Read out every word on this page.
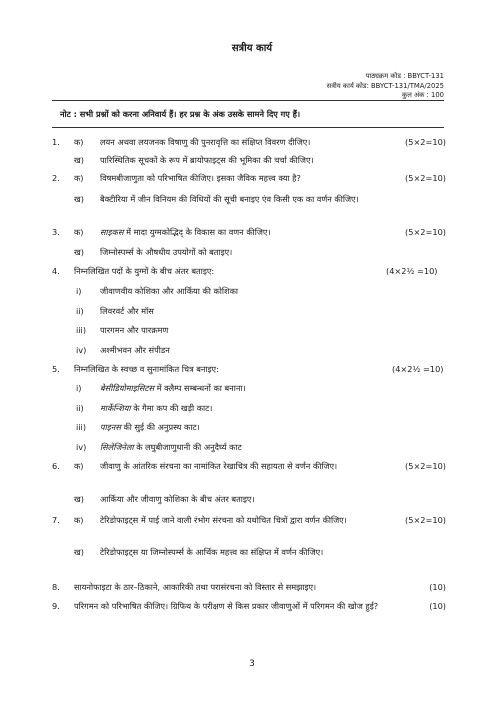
सत्रीय कार्य
पाठ्यक्रम कोड : BBYCT-131
सत्रीय कार्य कोड: BBYCT-131/TMA/2025
कुल अंक : 100
नोट : सभी प्रश्नों को करना अनिवार्य हैं। हर प्रश्न के अंक उसके सामने दिए गए हैं।
1. क) लयन अथवा लयजनक विषाणु की पुनरावृत्ति का संक्षिप्त विवरण दीजिए।	(5×2=10)
ख) पारिस्थितिक सूचकों के रूप में ब्रायोफाइट्स की भूमिका की चर्चा कीजिए।
2. क) विषमबीजाणुता को परिभाषित कीजिए। इसका जैविक महत्त्व क्या है?	(5×2=10)
ख) बैक्टीरिया में जीन विनियम की विधियों की सूची बनाइए एंव किसी एक का वर्णन कीजिए।
3. क) साइकस में मादा युग्मकोद्भिद् के विकास का वणन कीजिए।	(5×2=10)
ख) जिम्नोस्पर्म्स के औषधीय उपयोगों को बताइए।
4. निम्नलिखित पदों के युग्मों के बीच अंतर बताइए:	(4×2½ =10)
i) जीवाणवीय कोशिका और आर्किया की कोशिका
ii) लिवरवर्ट और मॉस
iii) पारगमन और पारक्रमण
iv) अश्मीभवन और संपीडन
5. निम्नलिखित के स्वच्छ व सुनामांकित चित्र बनाइए:	(4×2½ =10)
i) बेसीडियोमाइसिटस में क्लैम्प सम्बन्धनों का बनाना।
ii) मार्केन्शिया के गैमा कप की खड़ी काट।
iii) पाइनस की सुई की अनुप्रस्थ काट।
iv) सिलेजिनेला के लघुबीजाणुधानी की अनुदैर्घ्य काट
6. क) जीवाणु के आंतरिक संरचना का नामांकित रेखाचित्र की सहायता से वर्णन कीजिए।	(5×2=10)
ख) आर्किया और जीवाणु कोशिका के बीच अंतर बताइए।
7. क) टेरिडोफाइट्स में पाई जाने वाली रंभोग संरचना को यथोचित चित्रों द्वारा वर्णन कीजिए।	(5×2=10)
ख) टेरिडोफाइट्स या जिम्नोस्पर्म्स के आर्थिक महत्त्व का संक्षिप्त में वर्णन कीजिए।
8. सायनोफाइटा के ठार–ठिकाने, आकारिकी तथा परासंरचना को विस्तार से समझाइए।	(10)
9. परिगमन को परिभाषित कीजिए। ग्रिफिथ के परीक्षण से किस प्रकार जीवाणुओं में परिगमन की खोज हुई?	(10)
3
